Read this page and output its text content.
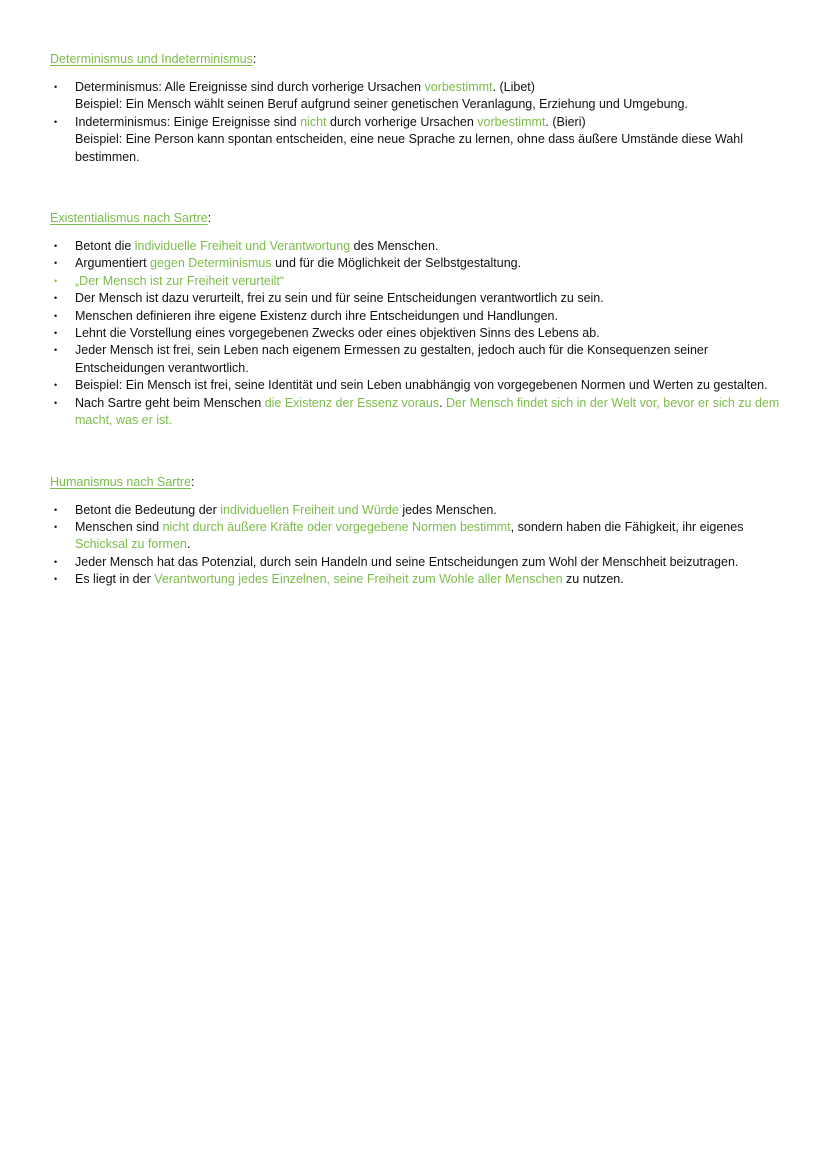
Determinismus und Indeterminismus:
• Determinismus: Alle Ereignisse sind durch vorherige Ursachen vorbestimmt. (Libet)
Beispiel: Ein Mensch wählt seinen Beruf aufgrund seiner genetischen Veranlagung, Erziehung und Umgebung.
• Indeterminismus: Einige Ereignisse sind nicht durch vorherige Ursachen vorbestimmt. (Bieri)
Beispiel: Eine Person kann spontan entscheiden, eine neue Sprache zu lernen, ohne dass äußere Umstände diese Wahl bestimmen.
Existentialismus nach Sartre:
• Betont die individuelle Freiheit und Verantwortung des Menschen.
• Argumentiert gegen Determinismus und für die Möglichkeit der Selbstgestaltung.
• „Der Mensch ist zur Freiheit verurteilt“
• Der Mensch ist dazu verurteilt, frei zu sein und für seine Entscheidungen verantwortlich zu sein.
• Menschen definieren ihre eigene Existenz durch ihre Entscheidungen und Handlungen.
• Lehnt die Vorstellung eines vorgegebenen Zwecks oder eines objektiven Sinns des Lebens ab.
• Jeder Mensch ist frei, sein Leben nach eigenem Ermessen zu gestalten, jedoch auch für die Konsequenzen seiner Entscheidungen verantwortlich.
• Beispiel: Ein Mensch ist frei, seine Identität und sein Leben unabhängig von vorgegebenen Normen und Werten zu gestalten.
• Nach Sartre geht beim Menschen die Existenz der Essenz voraus. Der Mensch findet sich in der Welt vor, bevor er sich zu dem macht, was er ist.
Humanismus nach Sartre:
• Betont die Bedeutung der individuellen Freiheit und Würde jedes Menschen.
• Menschen sind nicht durch äußere Kräfte oder vorgegebene Normen bestimmt, sondern haben die Fähigkeit, ihr eigenes Schicksal zu formen.
• Jeder Mensch hat das Potenzial, durch sein Handeln und seine Entscheidungen zum Wohl der Menschheit beizutragen.
• Es liegt in der Verantwortung jedes Einzelnen, seine Freiheit zum Wohle aller Menschen zu nutzen.
